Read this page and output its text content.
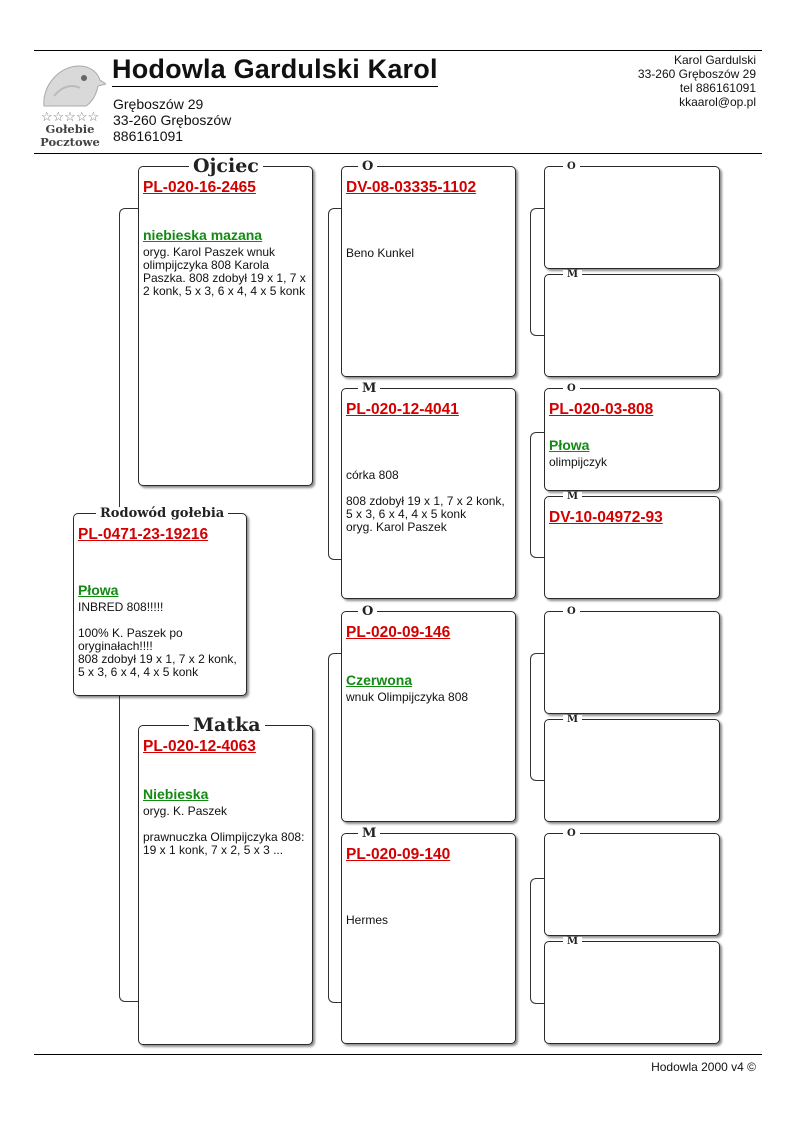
☆☆☆☆☆
Gołebie
Pocztowe
Hodowla Gardulski Karol
Gręboszów 29
33-260 Gręboszów
886161091
Karol Gardulski
33-260 Gręboszów 29
tel 886161091
kkaarol@op.pl
Rodowód gołebia
PL-0471-23-19216
Płowa
INBRED 808!!!!!

100% K. Paszek po oryginałach!!!!
808 zdobył 19 x 1, 7 x 2 konk,
5 x 3, 6 x 4, 4 x 5 konk
Ojciec
PL-020-16-2465
niebieska mazana
oryg. Karol Paszek wnuk olimpijczyka 808 Karola Paszka. 808 zdobył 19 x 1, 7 x 2 konk, 5 x 3, 6 x 4, 4 x 5 konk
Matka
PL-020-12-4063
Niebieska
oryg. K. Paszek

prawnuczka Olimpijczyka 808: 19 x 1 konk, 7 x 2, 5 x 3 ...
O
DV-08-03335-1102
Beno Kunkel
M
PL-020-12-4041
córka 808

808 zdobył 19 x 1, 7 x 2 konk,
5 x 3, 6 x 4, 4 x 5 konk
oryg. Karol Paszek
O
PL-020-09-146
Czerwona
wnuk Olimpijczyka 808
M
PL-020-09-140
Hermes
O
M
O
PL-020-03-808
Płowa
olimpijczyk
M
DV-10-04972-93
O
M
O
M
Hodowla 2000 v4 ©
